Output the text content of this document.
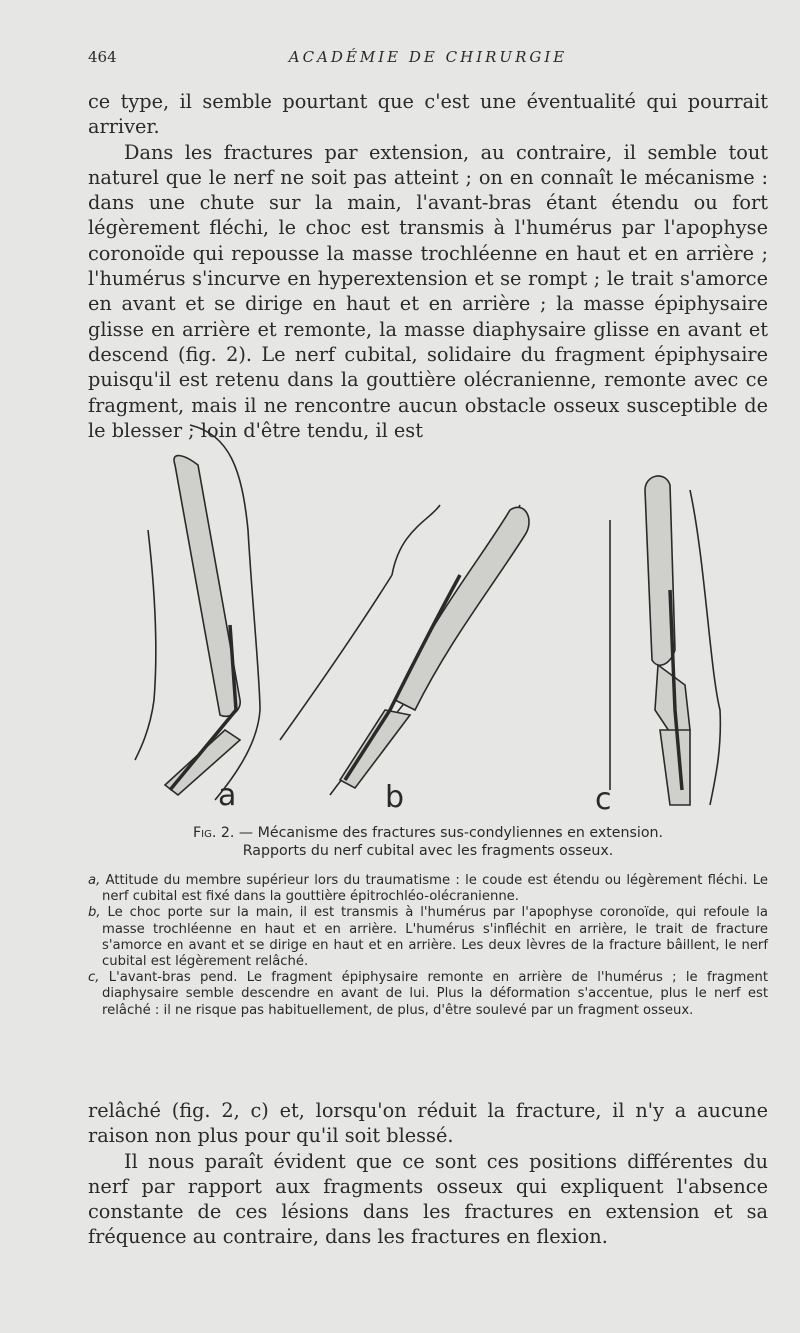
464	ACADÉMIE DE CHIRURGIE

ce type, il semble pourtant que c'est une éventualité qui pourrait arriver.

Dans les fractures par extension, au contraire, il semble tout naturel que le nerf ne soit pas atteint ; on en connaît le mécanisme : dans une chute sur la main, l'avant-bras étant étendu ou fort légèrement fléchi, le choc est transmis à l'humérus par l'apophyse coronoïde qui repousse la masse trochléenne en haut et en arrière ; l'humérus s'incurve en hyperextension et se rompt ; le trait s'amorce en avant et se dirige en haut et en arrière ; la masse épiphysaire glisse en arrière et remonte, la masse diaphysaire glisse en avant et descend (fig. 2). Le nerf cubital, solidaire du fragment épiphysaire puisqu'il est retenu dans la gouttière olécranienne, remonte avec ce fragment, mais il ne rencontre aucun obstacle osseux susceptible de le blesser ; loin d'être tendu, il est

a	b	c
Fig. 2. — Mécanisme des fractures sus-condyliennes en extension.
Rapports du nerf cubital avec les fragments osseux.

a, Attitude du membre supérieur lors du traumatisme : le coude est étendu ou légèrement fléchi. Le nerf cubital est fixé dans la gouttière épitrochléo-olécranienne.

b, Le choc porte sur la main, il est transmis à l'humérus par l'apophyse coronoïde, qui refoule la masse trochléenne en haut et en arrière. L'humérus s'infléchit en arrière, le trait de fracture s'amorce en avant et se dirige en haut et en arrière. Les deux lèvres de la fracture bâillent, le nerf cubital est légèrement relâché.

c, L'avant-bras pend. Le fragment épiphysaire remonte en arrière de l'humérus ; le fragment diaphysaire semble descendre en avant de lui. Plus la déformation s'accentue, plus le nerf est relâché : il ne risque pas habituellement, de plus, d'être soulevé par un fragment osseux.

relâché (fig. 2, c) et, lorsqu'on réduit la fracture, il n'y a aucune raison non plus pour qu'il soit blessé.

Il nous paraît évident que ce sont ces positions différentes du nerf par rapport aux fragments osseux qui expliquent l'absence constante de ces lésions dans les fractures en extension et sa fréquence au contraire, dans les fractures en flexion.
